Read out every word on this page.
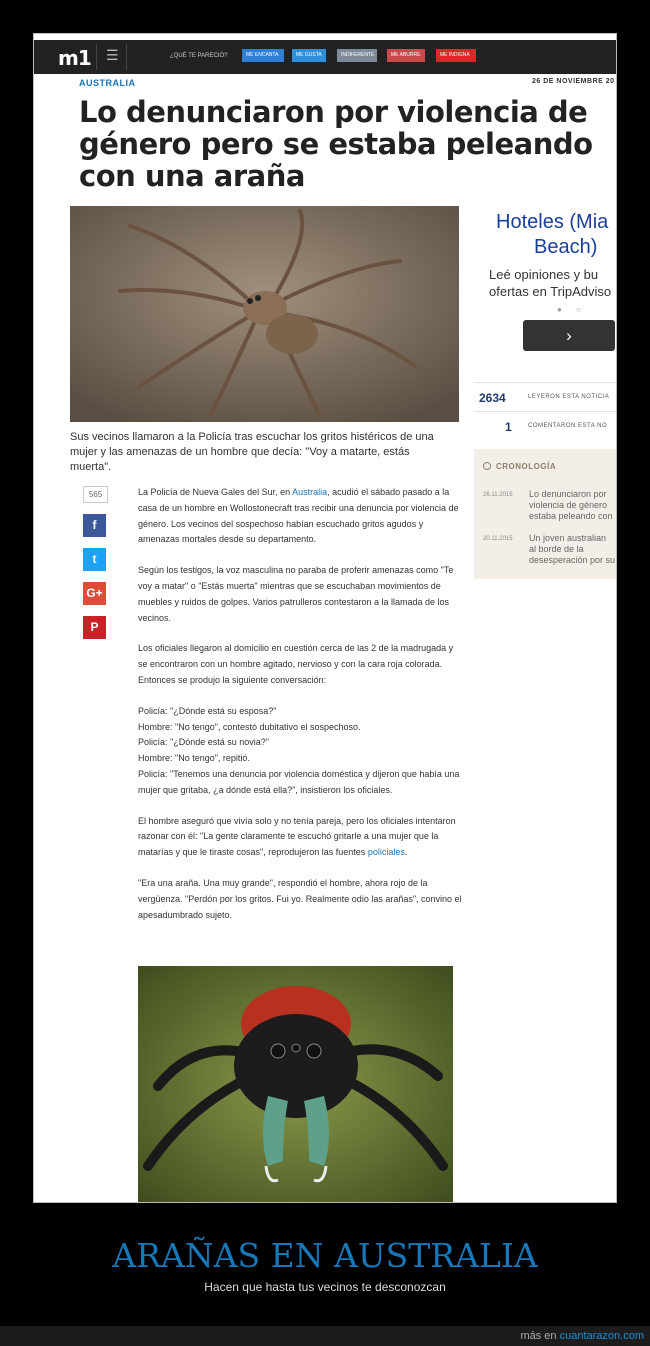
m1 ☰	¿QUÉ TE PARECIÓ?	ME ENCANTA	ME GUSTA	INDIFERENTE	ME ABURRE	ME INDIGNA
AUSTRALIA	26 DE NOVIEMBRE 20
Lo denunciaron por violencia de género pero se estaba peleando con una araña
Sus vecinos llamaron a la Policía tras escuchar los gritos histéricos de una mujer y las amenazas de un hombre que decía: "Voy a matarte, estás muerta".
565
f
t
G+
P

La Policía de Nueva Gales del Sur, en Australia, acudió el sábado pasado a la casa de un hombre en Wollostonecraft tras recibir una denuncia por violencia de género. Los vecinos del sospechoso habían escuchado gritos agudos y amenazas mortales desde su departamento.

Según los testigos, la voz masculina no paraba de proferir amenazas como "Te voy a matar" o "Estás muerta" mientras que se escuchaban movimientos de muebles y ruidos de golpes. Varios patrulleros contestaron a la llamada de los vecinos.

Los oficiales llegaron al domicilio en cuestión cerca de las 2 de la madrugada y se encontraron con un hombre agitado, nervioso y con la cara roja colorada. Entonces se produjo la siguiente conversación:

Policía: "¿Dónde está su esposa?"
Hombre: "No tengo", contestó dubitativo el sospechoso.
Policía: "¿Dónde está su novia?"
Hombre: "No tengo", repitió.
Policía: "Tenemos una denuncia por violencia doméstica y dijeron que había una mujer que gritaba, ¿a dónde está ella?", insistieron los oficiales.

El hombre aseguró que vivía solo y no tenía pareja, pero los oficiales intentaron razonar con él: "La gente claramente te escuchó gritarle a una mujer que la matarías y que le tiraste cosas", reprodujeron las fuentes policiales.

"Era una araña. Una muy grande", respondió el hombre, ahora rojo de la vergüenza. "Perdón por los gritos. Fui yo. Realmente odio las arañas", convino el apesadumbrado sujeto.

Hoteles (Mia
Beach)
Leé opiniones y bu
ofertas en TripAdviso
● ○
›
2634	LEYERON ESTA NOTICIA
1	COMENTARON ESTA NO
CRONOLOGÍA
26.11.2015 Lo denunciaron por
violencia de género
estaba peleando con
20.11.2015 Un joven australian
al borde de la
desesperación por su
ARAÑAS EN AUSTRALIA
Hacen que hasta tus vecinos te desconozcan
más en cuantarazon.com
